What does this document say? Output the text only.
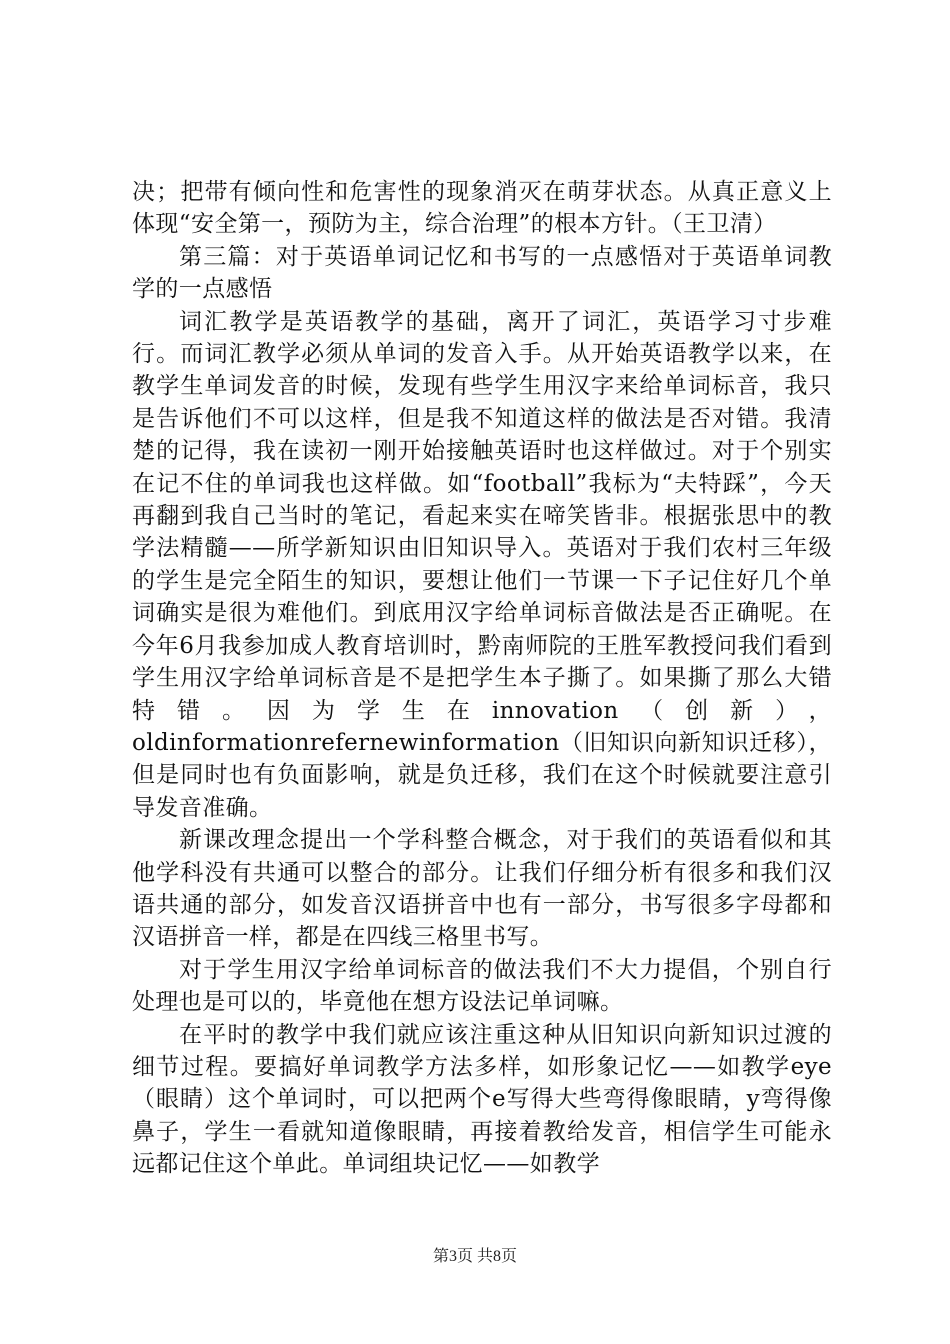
决；把带有倾向性和危害性的现象消灭在萌芽状态。从真正意义上体现“安全第一，预防为主，综合治理”的根本方针。（王卫清）

第三篇：对于英语单词记忆和书写的一点感悟对于英语单词教学的一点感悟

词汇教学是英语教学的基础，离开了词汇，英语学习寸步难行。而词汇教学必须从单词的发音入手。从开始英语教学以来，在教学生单词发音的时候，发现有些学生用汉字来给单词标音，我只是告诉他们不可以这样，但是我不知道这样的做法是否对错。我清楚的记得，我在读初一刚开始接触英语时也这样做过。对于个别实在记不住的单词我也这样做。如“football”我标为“夫特踩”，今天再翻到我自己当时的笔记，看起来实在啼笑皆非。根据张思中的教学法精髓——所学新知识由旧知识导入。英语对于我们农村三年级的学生是完全陌生的知识，要想让他们一节课一下子记住好几个单词确实是很为难他们。到底用汉字给单词标音做法是否正确呢。在今年6月我参加成人教育培训时，黔南师院的王胜军教授问我们看到学生用汉字给单词标音是不是把学生本子撕了。如果撕了那么大错特错。因为学生在innovation（创新），oldinformationrefernewinformation（旧知识向新知识迁移），但是同时也有负面影响，就是负迁移，我们在这个时候就要注意引导发音准确。

新课改理念提出一个学科整合概念，对于我们的英语看似和其他学科没有共通可以整合的部分。让我们仔细分析有很多和我们汉语共通的部分，如发音汉语拼音中也有一部分，书写很多字母都和汉语拼音一样，都是在四线三格里书写。

对于学生用汉字给单词标音的做法我们不大力提倡，个别自行处理也是可以的，毕竟他在想方设法记单词嘛。

在平时的教学中我们就应该注重这种从旧知识向新知识过渡的细节过程。要搞好单词教学方法多样，如形象记忆——如教学eye（眼睛）这个单词时，可以把两个e写得大些弯得像眼睛，y弯得像鼻子，学生一看就知道像眼睛，再接着教给发音，相信学生可能永远都记住这个单此。单词组块记忆——如教学

第3页 共8页
